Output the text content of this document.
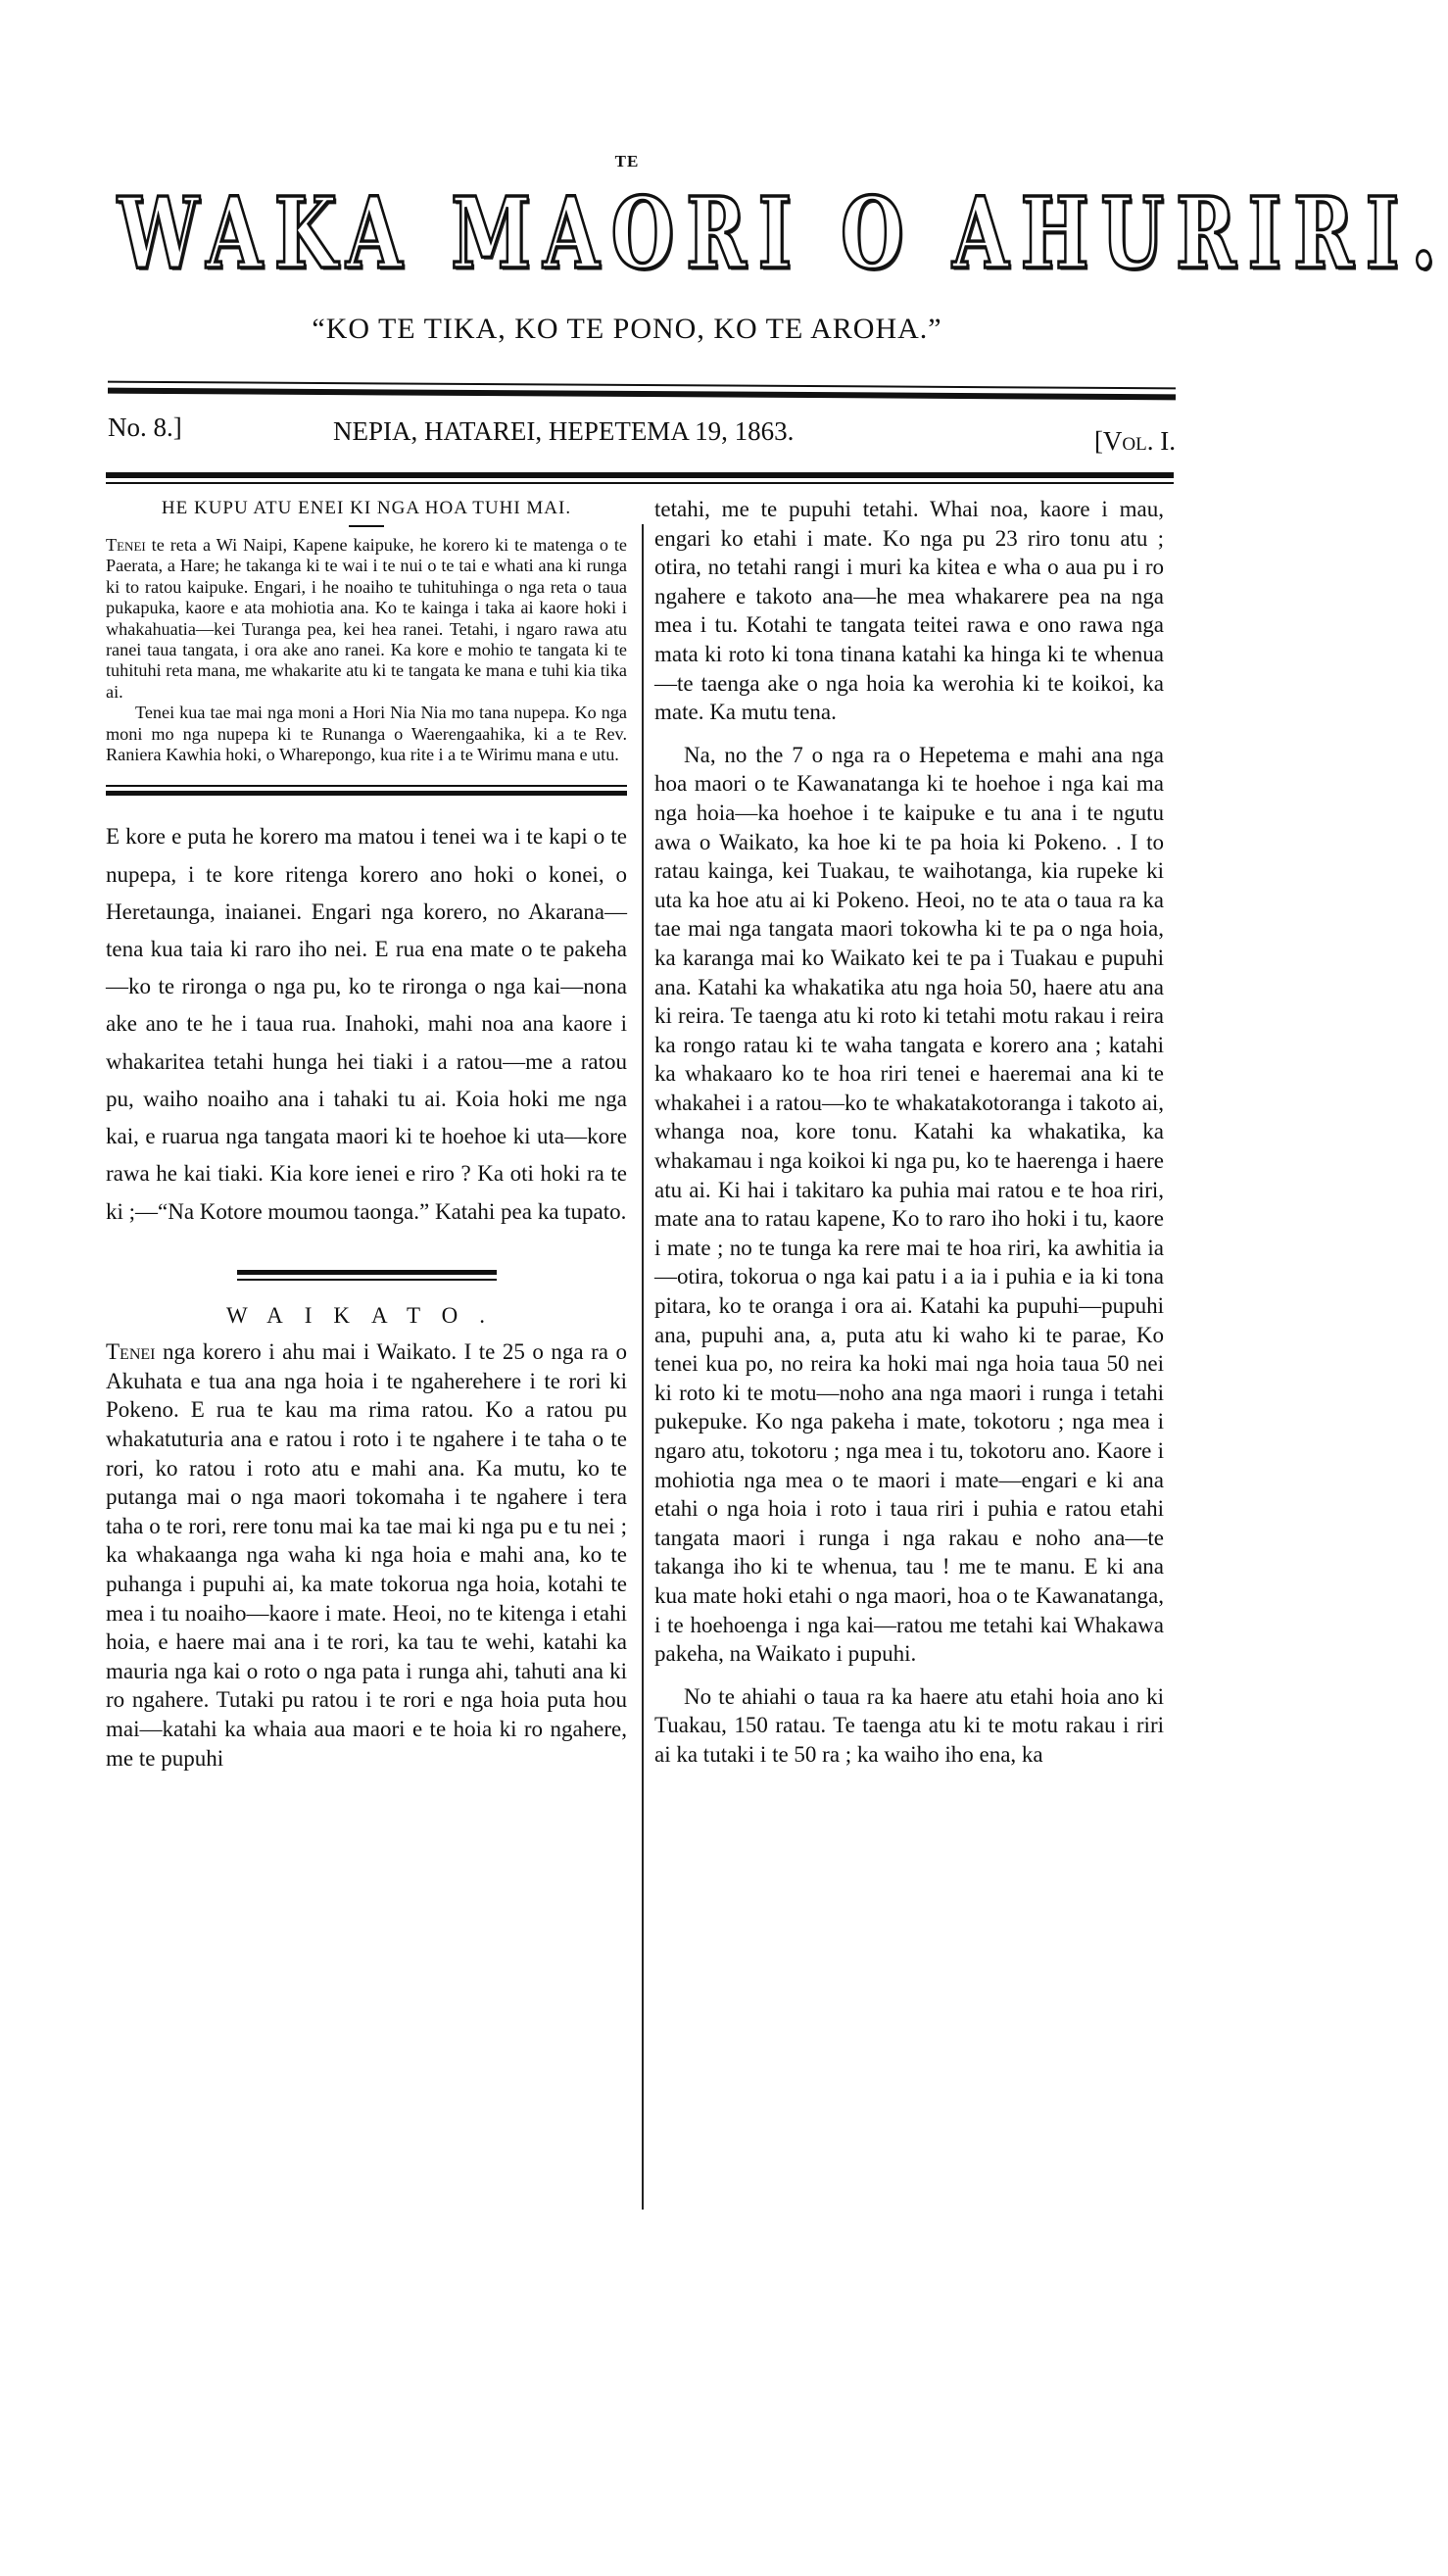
TE
WAKA MAORI O AHURIRI.
“KO TE TIKA, KO TE PONO, KO TE AROHA.”
No. 8.]	NEPIA, HATAREI, HEPETEMA 19, 1863.	[Vol. I.

HE KUPU ATU ENEI KI NGA HOA TUHI MAI.

Tenei te reta a Wi Naipi, Kapene kaipuke, he korero ki te matenga o te Paerata, a Hare; he takanga ki te wai i te nui o te tai e whati ana ki runga ki to ratou kaipuke. Engari, i he noaiho te tuhituhinga o nga reta o taua pukapuka, kaore e ata mohiotia ana. Ko te kainga i taka ai kaore hoki i whakahuatia—kei Turanga pea, kei hea ranei. Tetahi, i ngaro rawa atu ranei taua tangata, i ora ake ano ranei. Ka kore e mohio te tangata ki te tuhituhi reta mana, me whakarite atu ki te tangata ke mana e tuhi kia tika ai.

Tenei kua tae mai nga moni a Hori Nia Nia mo tana nupepa. Ko nga moni mo nga nupepa ki te Runanga o Waerengaahika, ki a te Rev. Raniera Kawhia hoki, o Wharepongo, kua rite i a te Wirimu mana e utu.

E kore e puta he korero ma matou i tenei wa i te kapi o te nupepa, i te kore ritenga korero ano hoki o konei, o Heretaunga, inaianei. Engari nga korero, no Akarana—tena kua taia ki raro iho nei. E rua ena mate o te pakeha—ko te rironga o nga pu, ko te rironga o nga kai—nona ake ano te he i taua rua. Inahoki, mahi noa ana kaore i whakaritea tetahi hunga hei tiaki i a ratou—me a ratou pu, waiho noaiho ana i tahaki tu ai. Koia hoki me nga kai, e ruarua nga tangata maori ki te hoehoe ki uta—kore rawa he kai tiaki. Kia kore ienei e riro ? Ka oti hoki ra te ki ;—“Na Kotore moumou taonga.” Katahi pea ka tupato.

WAIKATO.

Tenei nga korero i ahu mai i Waikato. I te 25 o nga ra o Akuhata e tua ana nga hoia i te ngaherehere i te rori ki Pokeno. E rua te kau ma rima ratou. Ko a ratou pu whakatuturia ana e ratou i roto i te ngahere i te taha o te rori, ko ratou i roto atu e mahi ana. Ka mutu, ko te putanga mai o nga maori tokomaha i te ngahere i tera taha o te rori, rere tonu mai ka tae mai ki nga pu e tu nei ; ka whakaanga nga waha ki nga hoia e mahi ana, ko te puhanga i pupuhi ai, ka mate tokorua nga hoia, kotahi te mea i tu noaiho—kaore i mate. Heoi, no te kitenga i etahi hoia, e haere mai ana i te rori, ka tau te wehi, katahi ka mauria nga kai o roto o nga pata i runga ahi, tahuti ana ki ro ngahere. Tutaki pu ratou i te rori e nga hoia puta hou mai—katahi ka whaia aua maori e te hoia ki ro ngahere, me te pupuhi

tetahi, me te pupuhi tetahi. Whai noa, kaore i mau, engari ko etahi i mate. Ko nga pu 23 riro tonu atu ; otira, no tetahi rangi i muri ka kitea e wha o aua pu i ro ngahere e takoto ana—he mea whakarere pea na nga mea i tu. Kotahi te tangata teitei rawa e ono rawa nga mata ki roto ki tona tinana katahi ka hinga ki te whenua—te taenga ake o nga hoia ka werohia ki te koikoi, ka mate. Ka mutu tena.

Na, no the 7 o nga ra o Hepetema e mahi ana nga hoa maori o te Kawanatanga ki te hoehoe i nga kai ma nga hoia—ka hoehoe i te kaipuke e tu ana i te ngutu awa o Waikato, ka hoe ki te pa hoia ki Pokeno. . I to ratau kainga, kei Tuakau, te waihotanga, kia rupeke ki uta ka hoe atu ai ki Pokeno. Heoi, no te ata o taua ra ka tae mai nga tangata maori tokowha ki te pa o nga hoia, ka karanga mai ko Waikato kei te pa i Tuakau e pupuhi ana. Katahi ka whakatika atu nga hoia 50, haere atu ana ki reira. Te taenga atu ki roto ki tetahi motu rakau i reira ka rongo ratau ki te waha tangata e korero ana ; katahi ka whakaaro ko te hoa riri tenei e haeremai ana ki te whakahei i a ratou—ko te whakatakotoranga i takoto ai, whanga noa, kore tonu. Katahi ka whakatika, ka whakamau i nga koikoi ki nga pu, ko te haerenga i haere atu ai. Ki hai i takitaro ka puhia mai ratou e te hoa riri, mate ana to ratau kapene, Ko to raro iho hoki i tu, kaore i mate ; no te tunga ka rere mai te hoa riri, ka awhitia ia—otira, tokorua o nga kai patu i a ia i puhia e ia ki tona pitara, ko te oranga i ora ai. Katahi ka pupuhi—pupuhi ana, pupuhi ana, a, puta atu ki waho ki te parae, Ko tenei kua po, no reira ka hoki mai nga hoia taua 50 nei ki roto ki te motu—noho ana nga maori i runga i tetahi pukepuke. Ko nga pakeha i mate, tokotoru ; nga mea i ngaro atu, tokotoru ; nga mea i tu, tokotoru ano. Kaore i mohiotia nga mea o te maori i mate—engari e ki ana etahi o nga hoia i roto i taua riri i puhia e ratou etahi tangata maori i runga i nga rakau e noho ana—te takanga iho ki te whenua, tau ! me te manu. E ki ana kua mate hoki etahi o nga maori, hoa o te Kawanatanga, i te hoehoenga i nga kai—ratou me tetahi kai Whakawa pakeha, na Waikato i pupuhi.

No te ahiahi o taua ra ka haere atu etahi hoia ano ki Tuakau, 150 ratau. Te taenga atu ki te motu rakau i riri ai ka tutaki i te 50 ra ; ka waiho iho ena, ka
